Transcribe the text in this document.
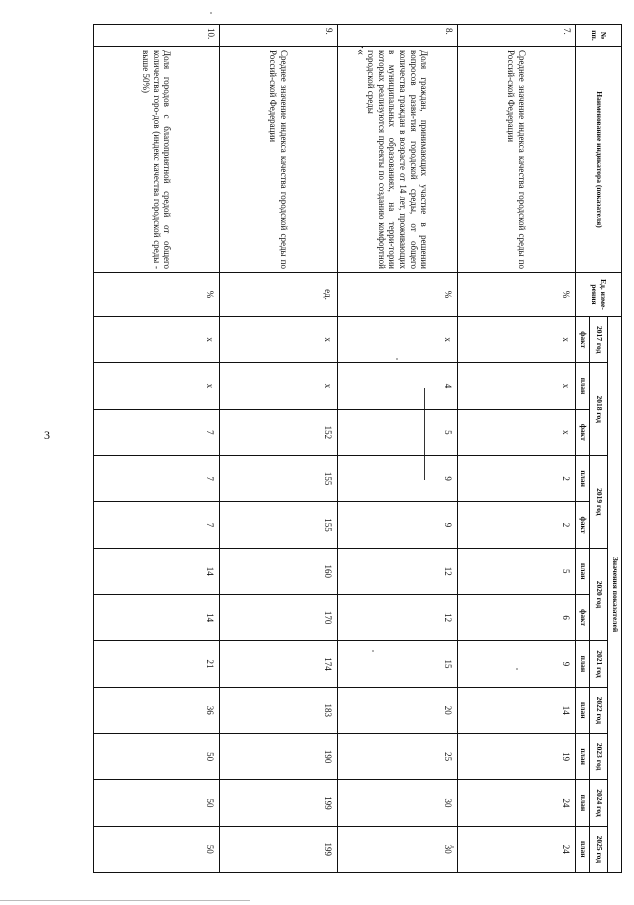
3
».
№ пп.	Наименование индикатора (показателя)	Ед. изме-рения	Значения показателей											
			2017 год	2018 год		2019 год		2020 год		2021 год	2022 год	2023 год	2024 год	2025 год
			факт	план	факт	план	факт	план	факт	план	план	план	план	план
7.	Среднее значение индекса качества городской среды по Россий-ской Федерации	%	x	x	x	2	2	5	6	9	14	19	24	24
8.	Доля граждан, принимающих участие в решении вопросов разви-тия городской среды, от общего количества граждан в возрасте от 14 лет, проживающих в муниципальных образованиях, на терри-тории которых реализуются проекты по созданию комфортной городской среды	%	x	4	5	9	9	12	12	15	20	25	30	30
9.	Среднее значение индекса качества городской среды по Россий-ской Федерации	ед.	x	x	152	155	155	160	170	174	183	190	199	199
10.	Доля городов с благоприятной средой от общего количества горо-дов (индекс качества городской среды - выше 50%)	%	x	x	7	7	7	14	14	21	36	50	50	50
